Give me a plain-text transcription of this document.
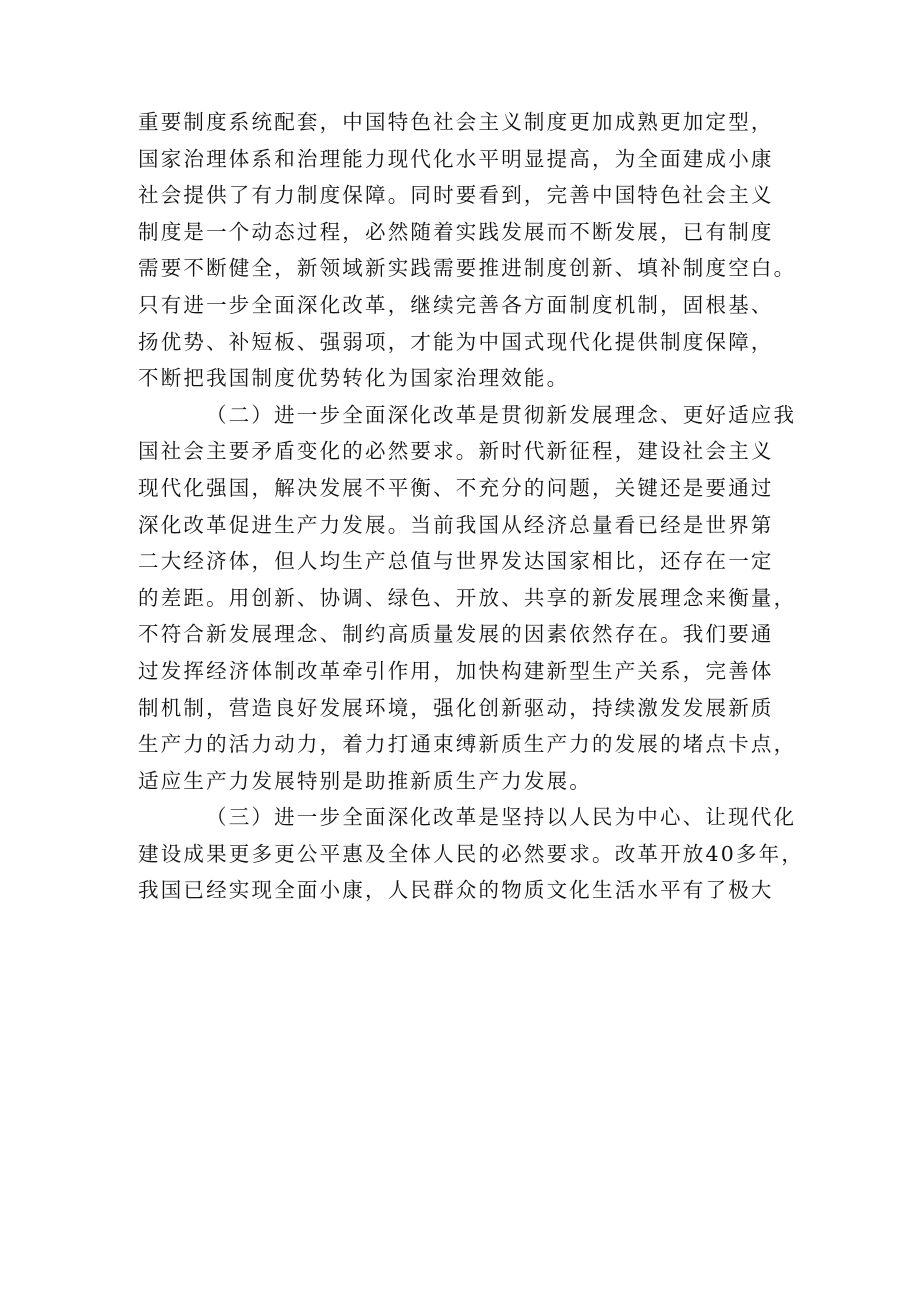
重要制度系统配套，中国特色社会主义制度更加成熟更加定型，
国家治理体系和治理能力现代化水平明显提高，为全面建成小康
社会提供了有力制度保障。同时要看到，完善中国特色社会主义
制度是一个动态过程，必然随着实践发展而不断发展，已有制度
需要不断健全，新领域新实践需要推进制度创新、填补制度空白。
只有进一步全面深化改革，继续完善各方面制度机制，固根基、
扬优势、补短板、强弱项，才能为中国式现代化提供制度保障，
不断把我国制度优势转化为国家治理效能。
（二）进一步全面深化改革是贯彻新发展理念、更好适应我
国社会主要矛盾变化的必然要求。新时代新征程，建设社会主义
现代化强国，解决发展不平衡、不充分的问题，关键还是要通过
深化改革促进生产力发展。当前我国从经济总量看已经是世界第
二大经济体，但人均生产总值与世界发达国家相比，还存在一定
的差距。用创新、协调、绿色、开放、共享的新发展理念来衡量，
不符合新发展理念、制约高质量发展的因素依然存在。我们要通
过发挥经济体制改革牵引作用，加快构建新型生产关系，完善体
制机制，营造良好发展环境，强化创新驱动，持续激发发展新质
生产力的活力动力，着力打通束缚新质生产力的发展的堵点卡点，
适应生产力发展特别是助推新质生产力发展。
（三）进一步全面深化改革是坚持以人民为中心、让现代化
建设成果更多更公平惠及全体人民的必然要求。改革开放40多年，
我国已经实现全面小康，人民群众的物质文化生活水平有了极大
